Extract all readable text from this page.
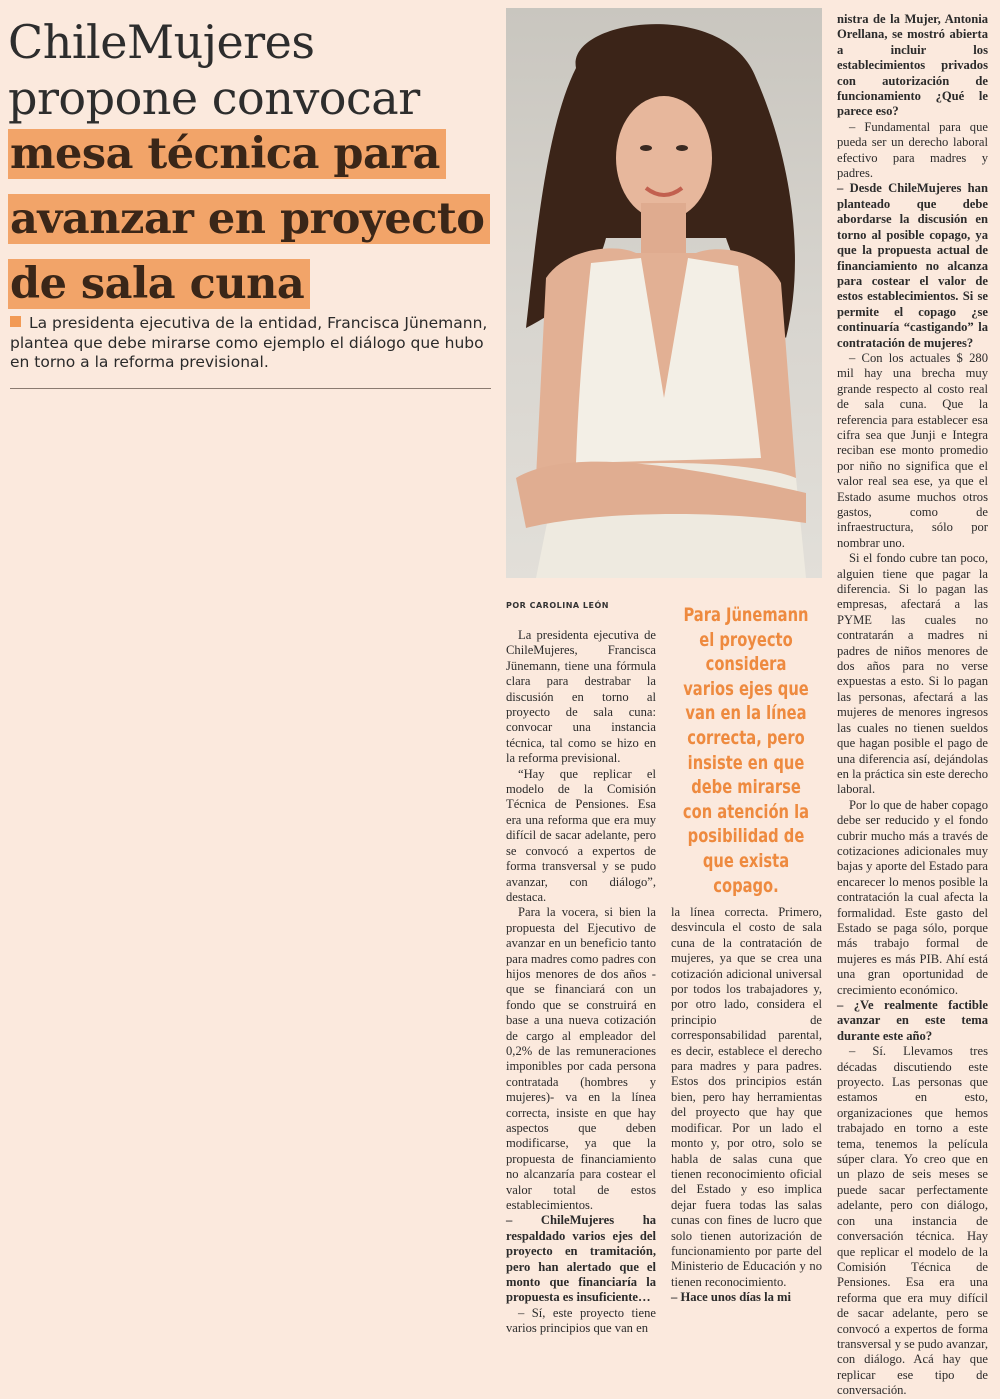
ChileMujeres
propone convocar
mesa técnica para
avanzar en proyecto
de sala cuna
La presidenta ejecutiva de la entidad, Francisca Jünemann, plantea que debe mirarse como ejemplo el diálogo que hubo en torno a la reforma previsional.
POR CAROLINA LEÓN

La presidenta ejecutiva de ChileMujeres, Francisca Jünemann, tiene una fórmula clara para destrabar la discusión en torno al proyecto de sala cuna: convocar una instancia técnica, tal como se hizo en la reforma previsional.

“Hay que replicar el modelo de la Comisión Técnica de Pensiones. Esa era una reforma que era muy difícil de sacar adelante, pero se convocó a expertos de forma transversal y se pudo avanzar, con diálogo”, destaca.

Para la vocera, si bien la propuesta del Ejecutivo de avanzar en un beneficio tanto para madres como padres con hijos menores de dos años -que se financiará con un fondo que se construirá en base a una nueva cotización de cargo al empleador del 0,2% de las remuneraciones imponibles por cada persona contratada (hombres y mujeres)- va en la línea correcta, insiste en que hay aspectos que deben modificarse, ya que la propuesta de financiamiento no alcanzaría para costear el valor total de estos establecimientos.

– ChileMujeres ha respaldado varios ejes del proyecto en tramitación, pero han alertado que el monto que financiaría la propuesta es insuficiente…

– Sí, este proyecto tiene varios principios que van en

Para Jünemann el proyecto considera varios ejes que van en la línea correcta, pero insiste en que debe mirarse con atención la posibilidad de que exista copago.

la línea correcta. Primero, desvincula el costo de sala cuna de la contratación de mujeres, ya que se crea una cotización adicional universal por todos los trabajadores y, por otro lado, considera el principio de corresponsabilidad parental, es decir, establece el derecho para madres y para padres. Estos dos principios están bien, pero hay herramientas del proyecto que hay que modificar. Por un lado el monto y, por otro, solo se habla de salas cuna que tienen reconocimiento oficial del Estado y eso implica dejar fuera todas las salas cunas con fines de lucro que solo tienen autorización de funcionamiento por parte del Ministerio de Educación y no tienen reconocimiento.

– Hace unos días la mi

nistra de la Mujer, Antonia Orellana, se mostró abierta a incluir los establecimientos privados con autorización de funcionamiento ¿Qué le parece eso?

– Fundamental para que pueda ser un derecho laboral efectivo para madres y padres.

– Desde ChileMujeres han planteado que debe abordarse la discusión en torno al posible copago, ya que la propuesta actual de financiamiento no alcanza para costear el valor de estos establecimientos. Si se permite el copago ¿se continuaría “castigando” la contratación de mujeres?

– Con los actuales $ 280 mil hay una brecha muy grande respecto al costo real de sala cuna. Que la referencia para establecer esa cifra sea que Junji e Integra reciban ese monto promedio por niño no significa que el valor real sea ese, ya que el Estado asume muchos otros gastos, como de infraestructura, sólo por nombrar uno.

Si el fondo cubre tan poco, alguien tiene que pagar la diferencia. Si lo pagan las empresas, afectará a las PYME las cuales no contratarán a madres ni padres de niños menores de dos años para no verse expuestas a esto. Si lo pagan las personas, afectará a las mujeres de menores ingresos las cuales no tienen sueldos que hagan posible el pago de una diferencia así, dejándolas en la práctica sin este derecho laboral.

Por lo que de haber copago debe ser reducido y el fondo cubrir mucho más a través de cotizaciones adicionales muy bajas y aporte del Estado para encarecer lo menos posible la contratación la cual afecta la formalidad. Este gasto del Estado se paga sólo, porque más trabajo formal de mujeres es más PIB. Ahí está una gran oportunidad de crecimiento económico.

– ¿Ve realmente factible avanzar en este tema durante este año?

– Sí. Llevamos tres décadas discutiendo este proyecto. Las personas que estamos en esto, organizaciones que hemos trabajado en torno a este tema, tenemos la película súper clara. Yo creo que en un plazo de seis meses se puede sacar perfectamente adelante, pero con diálogo, con una instancia de conversación técnica. Hay que replicar el modelo de la Comisión Técnica de Pensiones. Esa era una reforma que era muy difícil de sacar adelante, pero se convocó a expertos de forma transversal y se pudo avanzar, con diálogo. Acá hay que replicar ese tipo de conversación.
